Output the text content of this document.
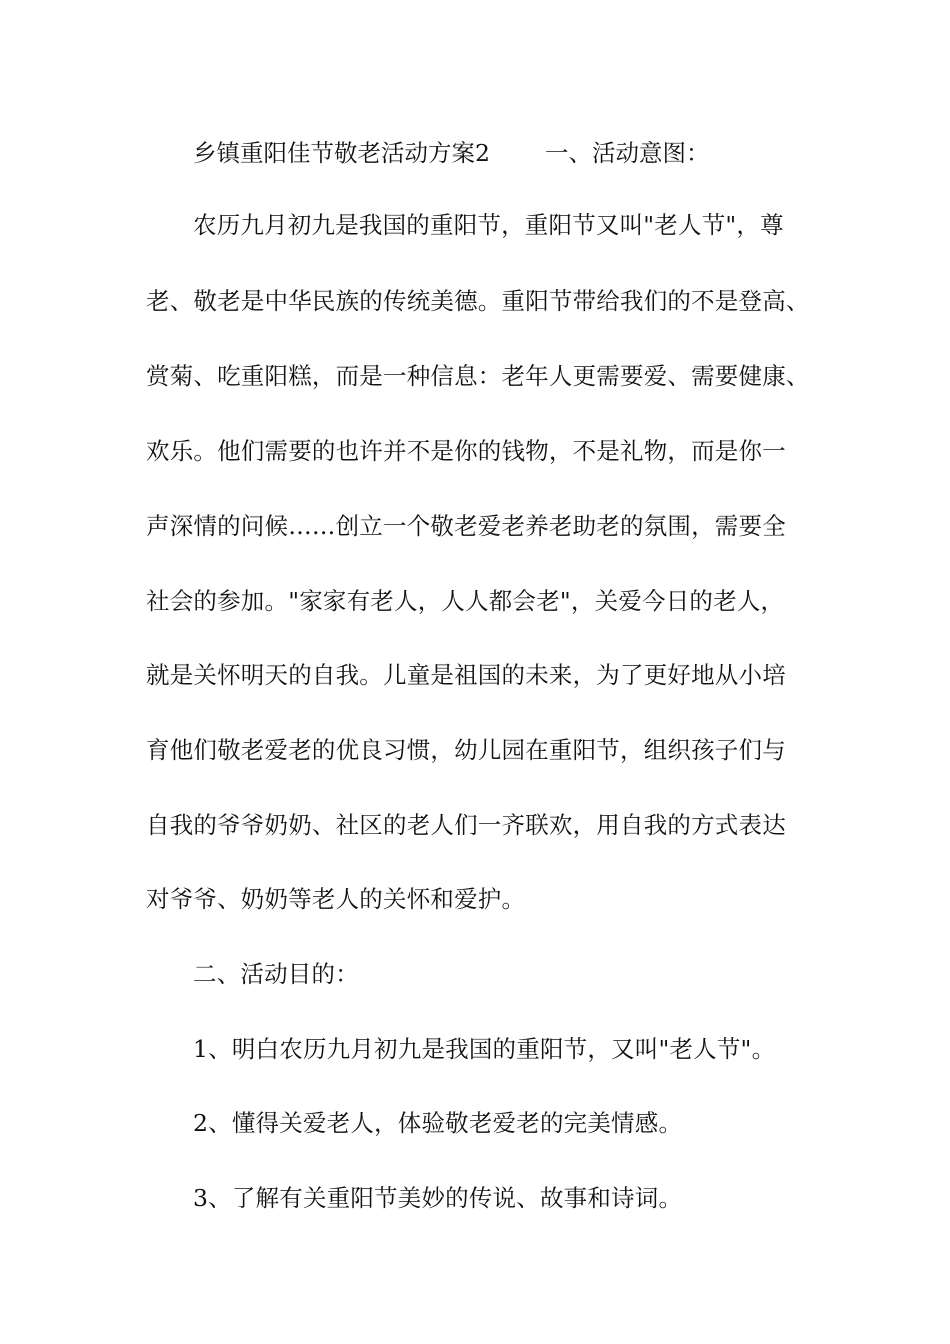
乡镇重阳佳节敬老活动方案2 一、活动意图：
农历九月初九是我国的重阳节，重阳节又叫"老人节"，尊
老、敬老是中华民族的传统美德。重阳节带给我们的不是登高、
赏菊、吃重阳糕，而是一种信息：老年人更需要爱、需要健康、
欢乐。他们需要的也许并不是你的钱物，不是礼物，而是你一
声深情的问候……创立一个敬老爱老养老助老的氛围，需要全
社会的参加。"家家有老人，人人都会老"，关爱今日的老人，
就是关怀明天的自我。儿童是祖国的未来，为了更好地从小培
育他们敬老爱老的优良习惯，幼儿园在重阳节，组织孩子们与
自我的爷爷奶奶、社区的老人们一齐联欢，用自我的方式表达
对爷爷、奶奶等老人的关怀和爱护。
二、活动目的：
1、明白农历九月初九是我国的重阳节，又叫"老人节"。
2、懂得关爱老人，体验敬老爱老的完美情感。
3、了解有关重阳节美妙的传说、故事和诗词。
